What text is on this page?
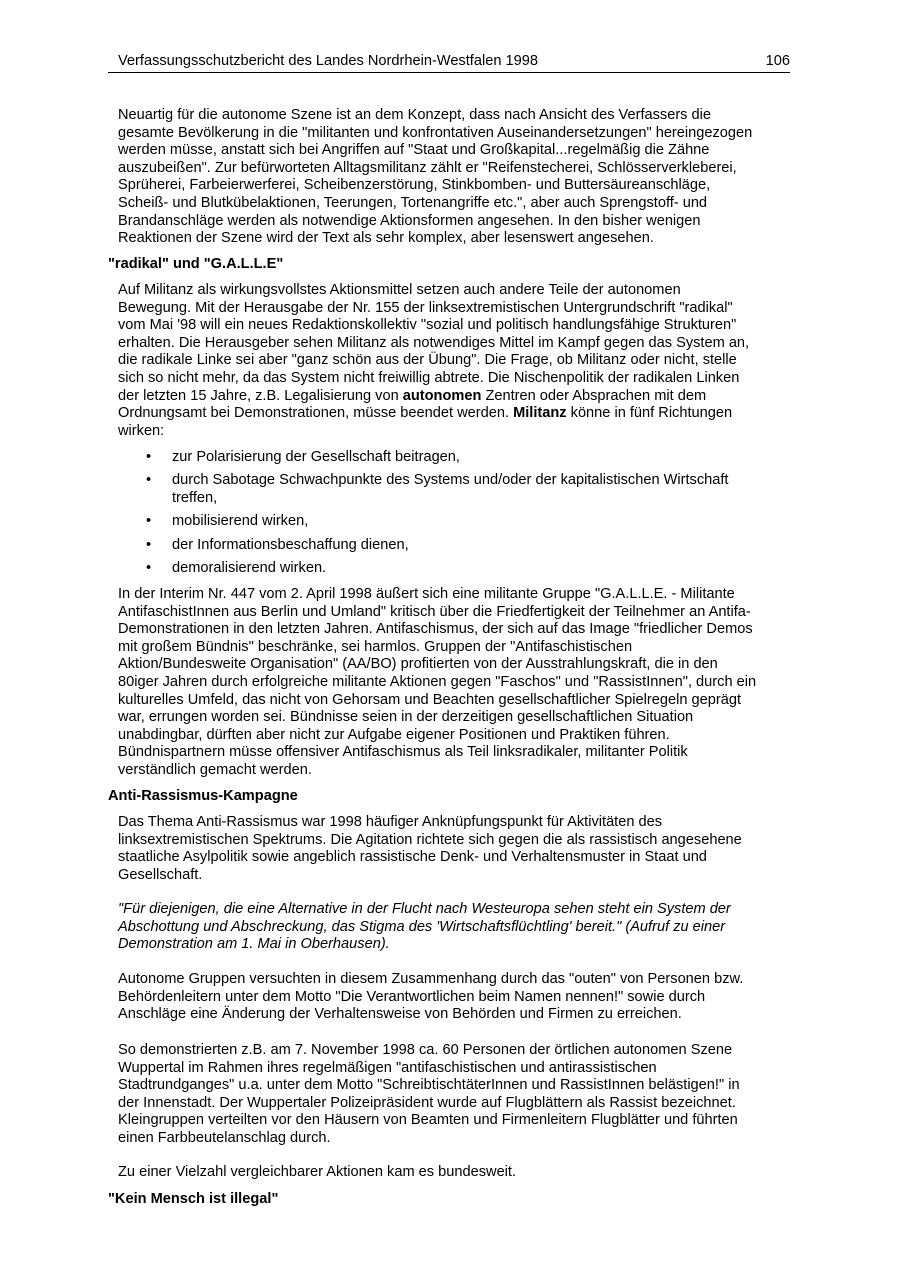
Verfassungsschutzbericht des Landes Nordrhein-Westfalen 1998	106

Neuartig für die autonome Szene ist an dem Konzept, dass nach Ansicht des Verfassers die
gesamte Bevölkerung in die "militanten und konfrontativen Auseinandersetzungen" hereingezogen
werden müsse, anstatt sich bei Angriffen auf "Staat und Großkapital...regelmäßig die Zähne
auszubeißen". Zur befürworteten Alltagsmilitanz zählt er "Reifenstecherei, Schlösserverkleberei,
Sprüherei, Farbeierwerferei, Scheibenzerstörung, Stinkbomben- und Buttersäureanschläge,
Scheiß- und Blutkübelaktionen, Teerungen, Tortenangriffe etc.", aber auch Sprengstoff- und
Brandanschläge werden als notwendige Aktionsformen angesehen. In den bisher wenigen
Reaktionen der Szene wird der Text als sehr komplex, aber lesenswert angesehen.

"radikal" und "G.A.L.L.E"

Auf Militanz als wirkungsvollstes Aktionsmittel setzen auch andere Teile der autonomen
Bewegung. Mit der Herausgabe der Nr. 155 der linksextremistischen Untergrundschrift "radikal"
vom Mai '98 will ein neues Redaktionskollektiv "sozial und politisch handlungsfähige Strukturen"
erhalten. Die Herausgeber sehen Militanz als notwendiges Mittel im Kampf gegen das System an,
die radikale Linke sei aber "ganz schön aus der Übung". Die Frage, ob Militanz oder nicht, stelle
sich so nicht mehr, da das System nicht freiwillig abtrete. Die Nischenpolitik der radikalen Linken
der letzten 15 Jahre, z.B. Legalisierung von autonomen Zentren oder Absprachen mit dem
Ordnungsamt bei Demonstrationen, müsse beendet werden. Militanz könne in fünf Richtungen
wirken:

• zur Polarisierung der Gesellschaft beitragen,
• durch Sabotage Schwachpunkte des Systems und/oder der kapitalistischen Wirtschaft
treffen,
• mobilisierend wirken,
• der Informationsbeschaffung dienen,
• demoralisierend wirken.

In der Interim Nr. 447 vom 2. April 1998 äußert sich eine militante Gruppe "G.A.L.L.E. - Militante
AntifaschistInnen aus Berlin und Umland" kritisch über die Friedfertigkeit der Teilnehmer an Antifa-
Demonstrationen in den letzten Jahren. Antifaschismus, der sich auf das Image "friedlicher Demos
mit großem Bündnis" beschränke, sei harmlos. Gruppen der "Antifaschistischen
Aktion/Bundesweite Organisation" (AA/BO) profitierten von der Ausstrahlungskraft, die in den
80iger Jahren durch erfolgreiche militante Aktionen gegen "Faschos" und "RassistInnen", durch ein
kulturelles Umfeld, das nicht von Gehorsam und Beachten gesellschaftlicher Spielregeln geprägt
war, errungen worden sei. Bündnisse seien in der derzeitigen gesellschaftlichen Situation
unabdingbar, dürften aber nicht zur Aufgabe eigener Positionen und Praktiken führen.
Bündnispartnern müsse offensiver Antifaschismus als Teil linksradikaler, militanter Politik
verständlich gemacht werden.

Anti-Rassismus-Kampagne

Das Thema Anti-Rassismus war 1998 häufiger Anknüpfungspunkt für Aktivitäten des
linksextremistischen Spektrums. Die Agitation richtete sich gegen die als rassistisch angesehene
staatliche Asylpolitik sowie angeblich rassistische Denk- und Verhaltensmuster in Staat und
Gesellschaft.

"Für diejenigen, die eine Alternative in der Flucht nach Westeuropa sehen steht ein System der
Abschottung und Abschreckung, das Stigma des 'Wirtschaftsflüchtling' bereit." (Aufruf zu einer
Demonstration am 1. Mai in Oberhausen).

Autonome Gruppen versuchten in diesem Zusammenhang durch das "outen" von Personen bzw.
Behördenleitern unter dem Motto "Die Verantwortlichen beim Namen nennen!" sowie durch
Anschläge eine Änderung der Verhaltensweise von Behörden und Firmen zu erreichen.

So demonstrierten z.B. am 7. November 1998 ca. 60 Personen der örtlichen autonomen Szene
Wuppertal im Rahmen ihres regelmäßigen "antifaschistischen und antirassistischen
Stadtrundganges" u.a. unter dem Motto "SchreibtischtäterInnen und RassistInnen belästigen!" in
der Innenstadt. Der Wuppertaler Polizeipräsident wurde auf Flugblättern als Rassist bezeichnet.
Kleingruppen verteilten vor den Häusern von Beamten und Firmenleitern Flugblätter und führten
einen Farbbeutelanschlag durch.

Zu einer Vielzahl vergleichbarer Aktionen kam es bundesweit.

"Kein Mensch ist illegal"
